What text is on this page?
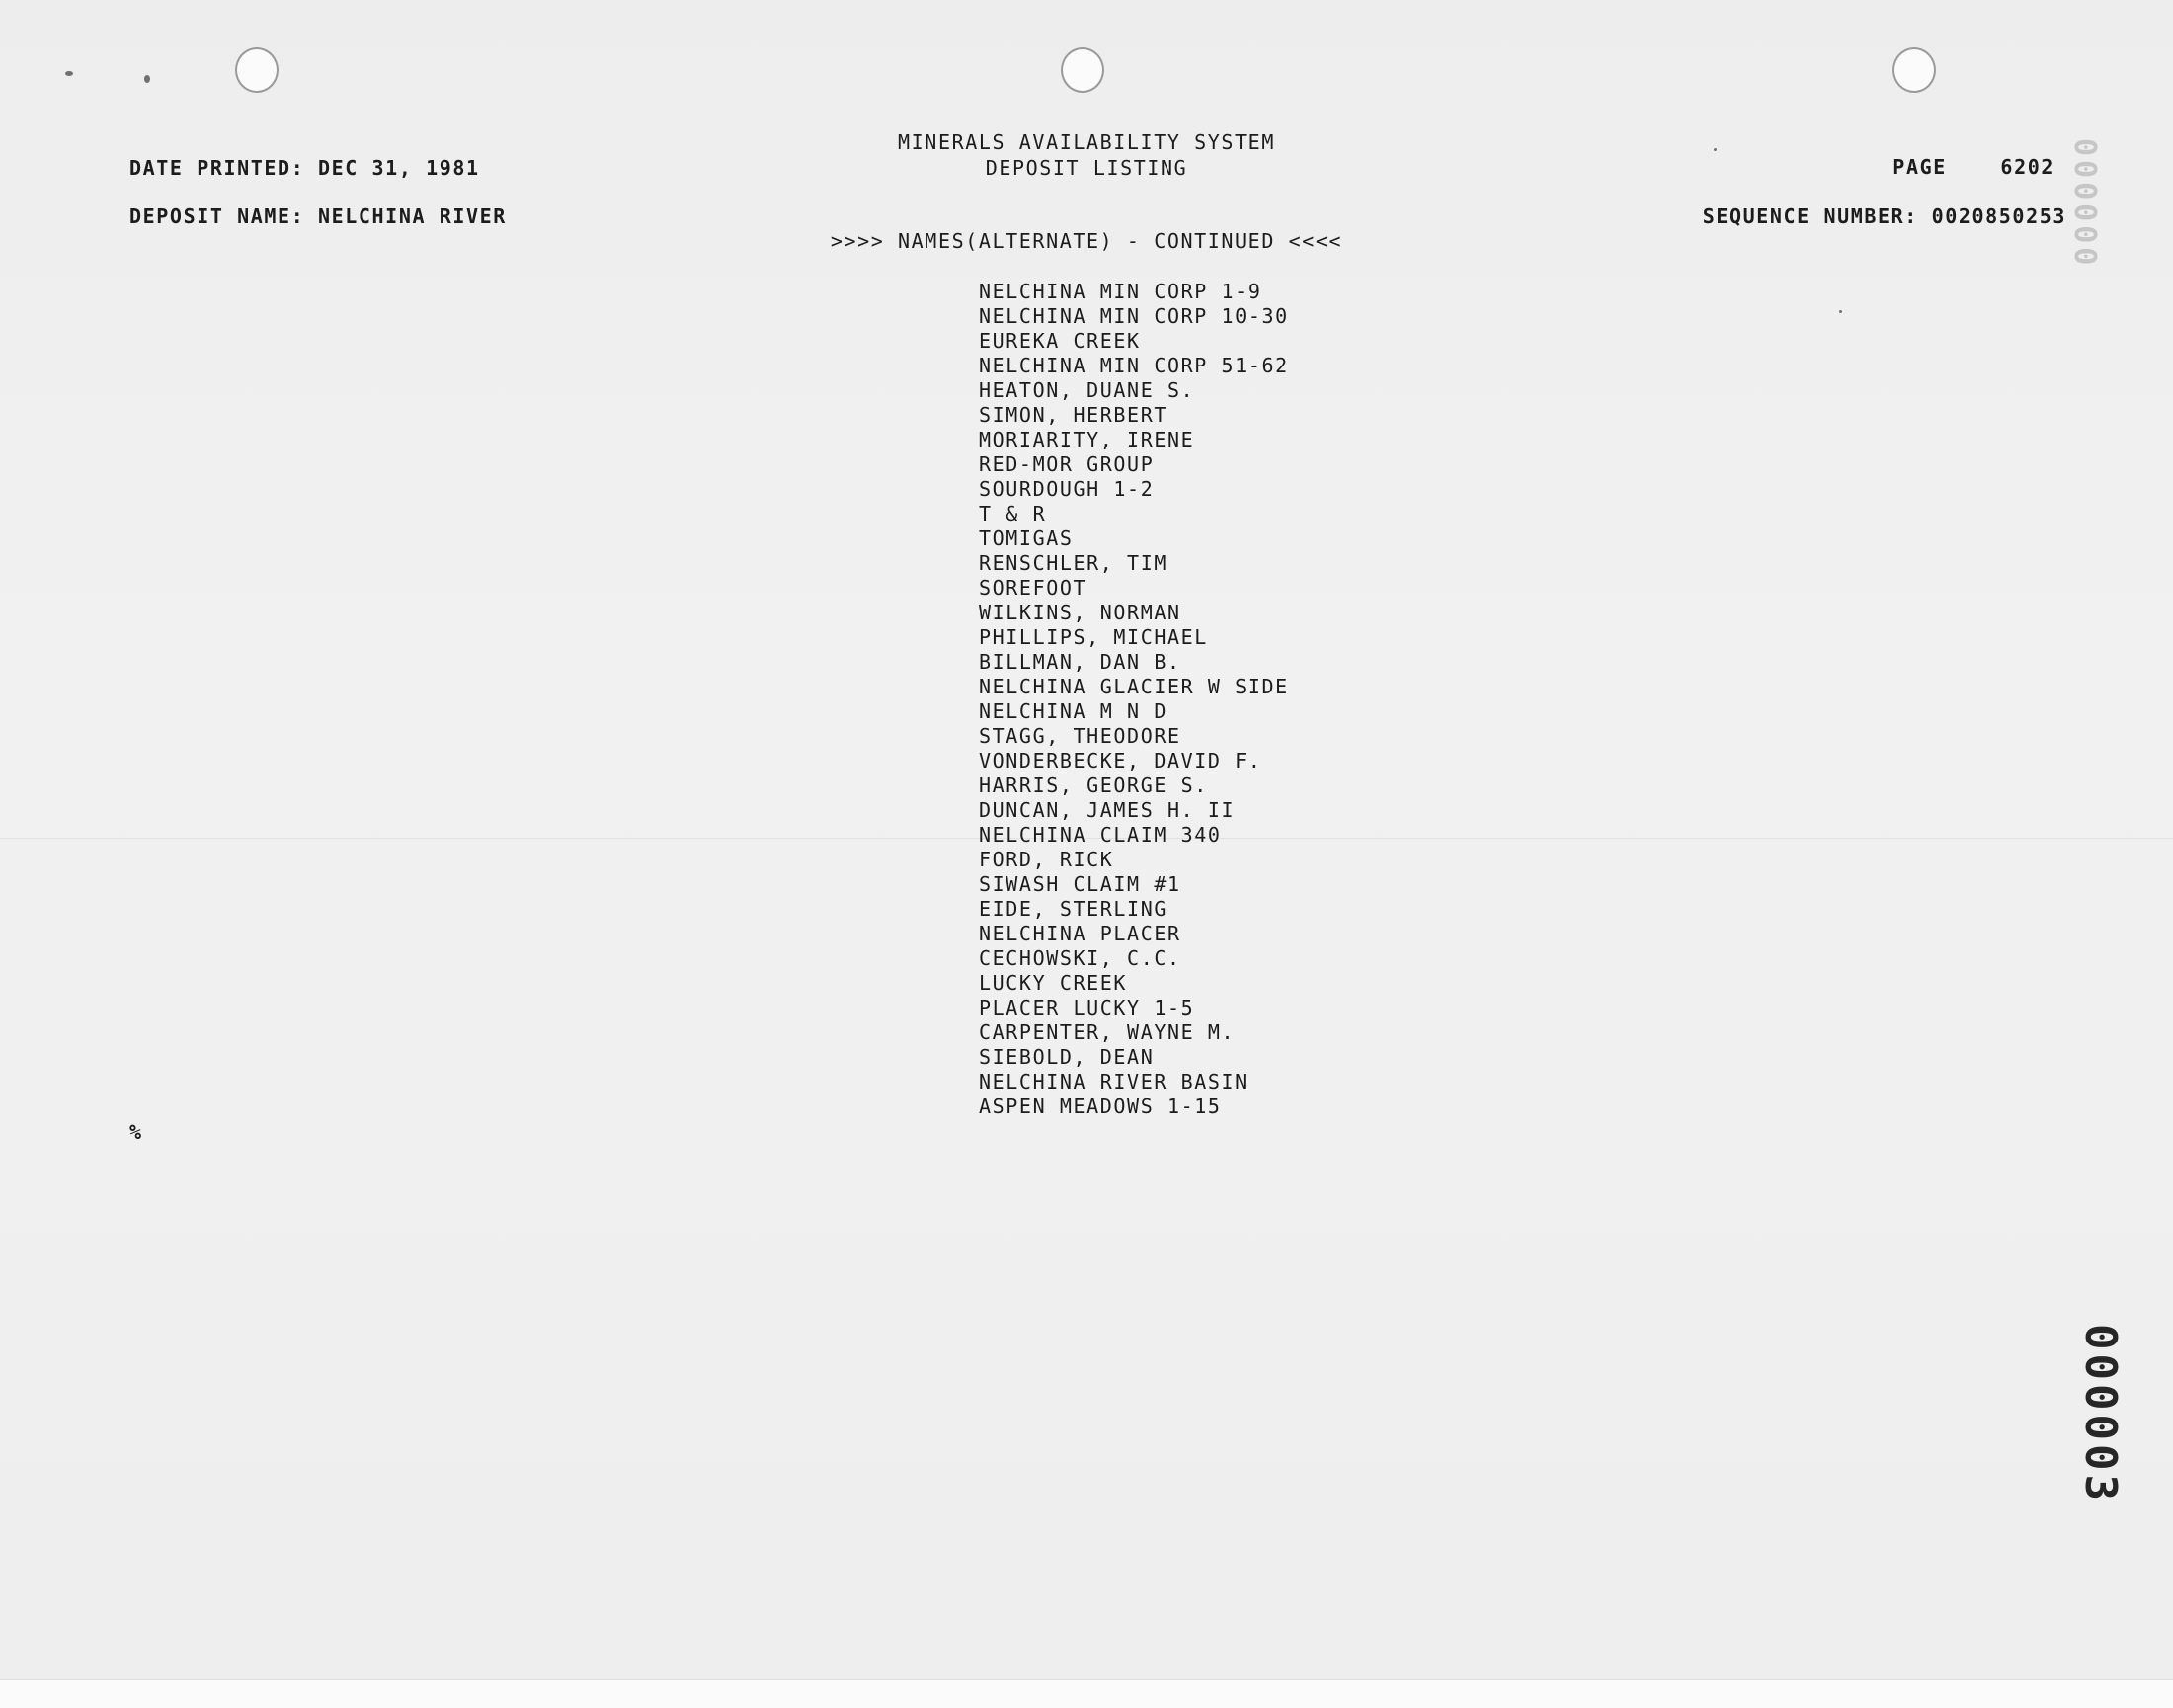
MINERALS AVAILABILITY SYSTEM
DEPOSIT LISTING
DATE PRINTED: DEC 31, 1981
DEPOSIT NAME: NELCHINA RIVER
PAGE    6202
SEQUENCE NUMBER: 0020850253
>>>> NAMES(ALTERNATE) - CONTINUED <<<<
NELCHINA MIN CORP 1-9
NELCHINA MIN CORP 10-30
EUREKA CREEK
NELCHINA MIN CORP 51-62
HEATON, DUANE S.
SIMON, HERBERT
MORIARITY, IRENE
RED-MOR GROUP
SOURDOUGH 1-2
T & R
TOMIGAS
RENSCHLER, TIM
SOREFOOT
WILKINS, NORMAN
PHILLIPS, MICHAEL
BILLMAN, DAN B.
NELCHINA GLACIER W SIDE
NELCHINA M N D
STAGG, THEODORE
VONDERBECKE, DAVID F.
HARRIS, GEORGE S.
DUNCAN, JAMES H. II
NELCHINA CLAIM 340
FORD, RICK
SIWASH CLAIM #1
EIDE, STERLING
NELCHINA PLACER
CECHOWSKI, C.C.
LUCKY CREEK
PLACER LUCKY 1-5
CARPENTER, WAYNE M.
SIEBOLD, DEAN
NELCHINA RIVER BASIN
ASPEN MEADOWS 1-15
%
000000
000003
